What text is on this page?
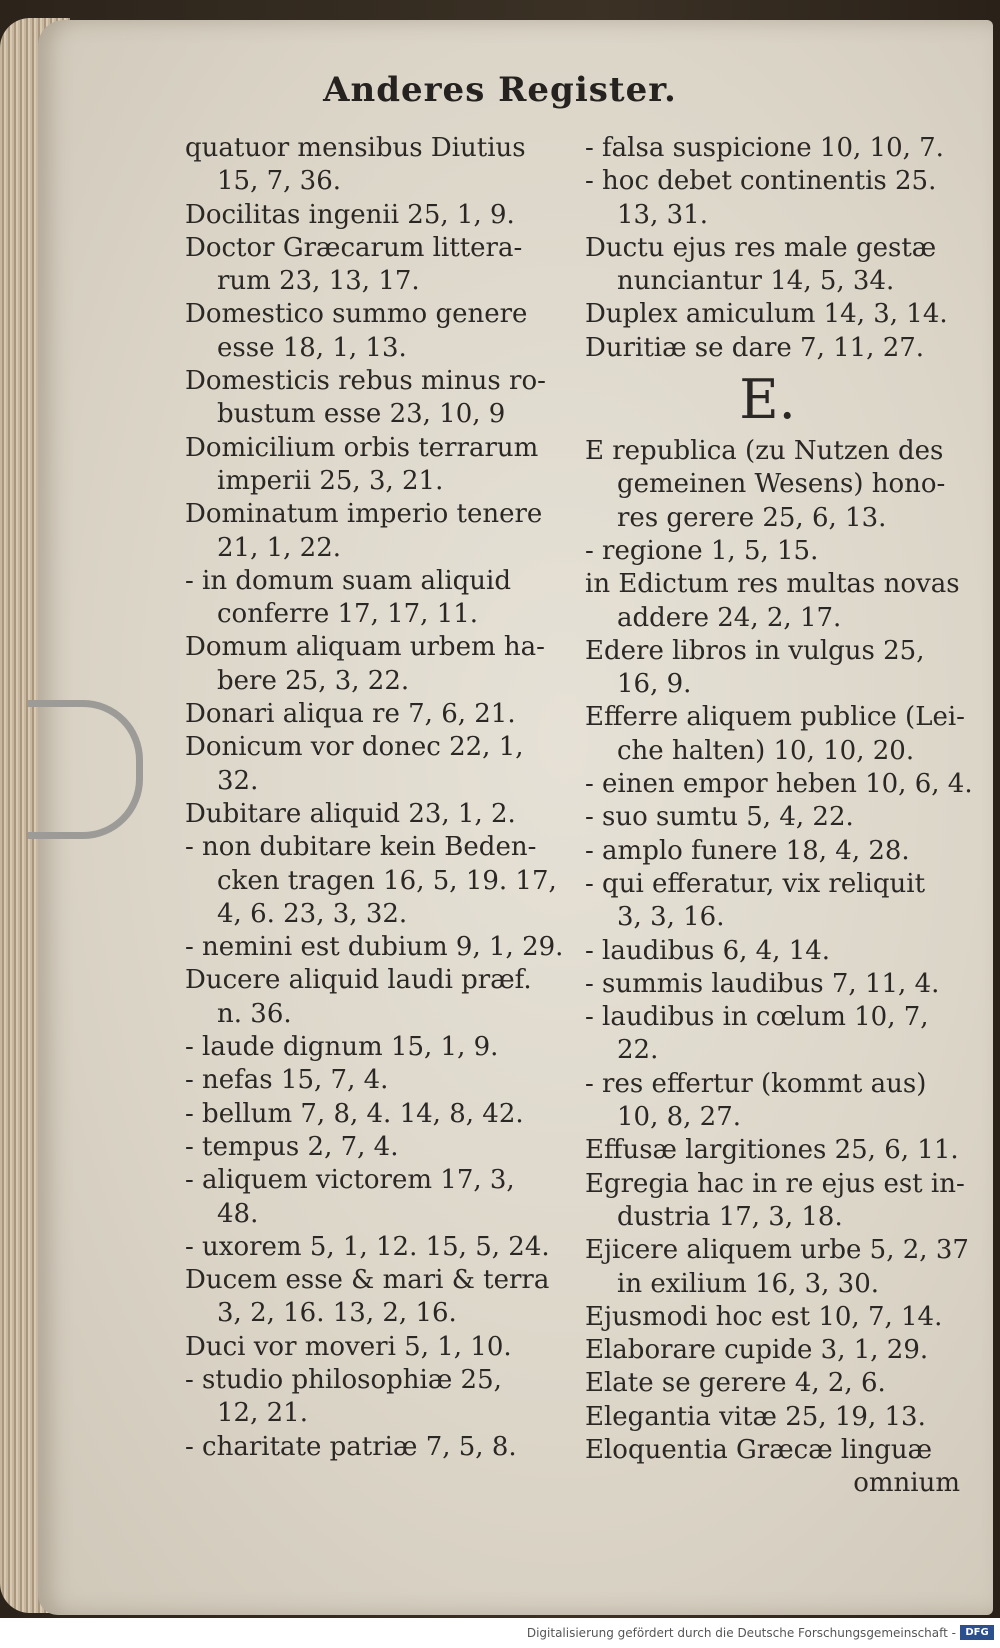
Anderes Register.
quatuor mensibus Diutius
15, 7, 36.
Docilitas ingenii 25, 1, 9.
Doctor Græcarum littera-
rum 23, 13, 17.
Domestico summo genere
esse 18, 1, 13.
Domesticis rebus minus ro-
bustum esse 23, 10, 9
Domicilium orbis terrarum
imperii 25, 3, 21.
Dominatum imperio tenere
21, 1, 22.
- in domum suam aliquid
conferre 17, 17, 11.
Domum aliquam urbem ha-
bere 25, 3, 22.
Donari aliqua re 7, 6, 21.
Donicum vor donec 22, 1,
32.
Dubitare aliquid 23, 1, 2.
- non dubitare kein Beden-
cken tragen 16, 5, 19. 17,
4, 6. 23, 3, 32.
- nemini est dubium 9, 1, 29.
Ducere aliquid laudi præf.
n. 36.
- laude dignum 15, 1, 9.
- nefas 15, 7, 4.
- bellum 7, 8, 4. 14, 8, 42.
- tempus 2, 7, 4.
- aliquem victorem 17, 3,
48.
- uxorem 5, 1, 12. 15, 5, 24.
Ducem esse & mari & terra
3, 2, 16. 13, 2, 16.
Duci vor moveri 5, 1, 10.
- studio philosophiæ 25,
12, 21.
- charitate patriæ 7, 5, 8.
- falsa suspicione 10, 10, 7.
- hoc debet continentis 25.
13, 31.
Ductu ejus res male gestæ
nunciantur 14, 5, 34.
Duplex amiculum 14, 3, 14.
Duritiæ se dare 7, 11, 27.
E.
E republica (zu Nutzen des
gemeinen Wesens) hono-
res gerere 25, 6, 13.
- regione 1, 5, 15.
in Edictum res multas novas
addere 24, 2, 17.
Edere libros in vulgus 25,
16, 9.
Efferre aliquem publice (Lei-
che halten) 10, 10, 20.
- einen empor heben 10, 6, 4.
- suo sumtu 5, 4, 22.
- amplo funere 18, 4, 28.
- qui efferatur, vix reliquit
3, 3, 16.
- laudibus 6, 4, 14.
- summis laudibus 7, 11, 4.
- laudibus in cœlum 10, 7,
22.
- res effertur (kommt aus)
10, 8, 27.
Effusæ largitiones 25, 6, 11.
Egregia hac in re ejus est in-
dustria 17, 3, 18.
Ejicere aliquem urbe 5, 2, 37
in exilium 16, 3, 30.
Ejusmodi hoc est 10, 7, 14.
Elaborare cupide 3, 1, 29.
Elate se gerere 4, 2, 6.
Elegantia vitæ 25, 19, 13.
Eloquentia Græcæ linguæ
omnium
Digitalisierung gefördert durch die Deutsche Forschungsgemeinschaft - DFG
